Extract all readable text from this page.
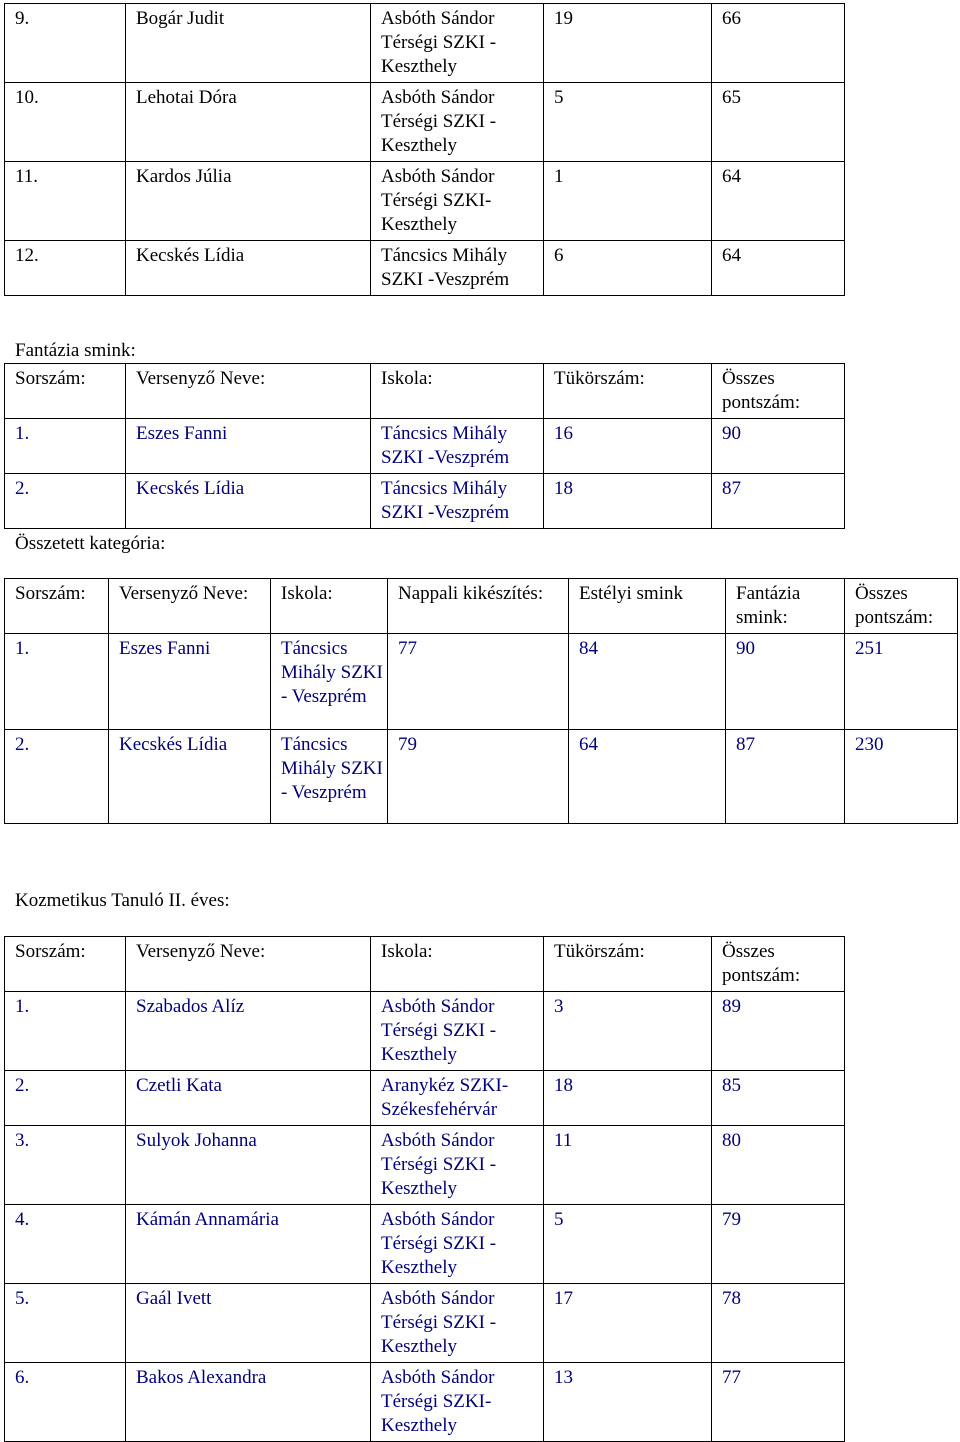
9.	Bogár Judit	Asbóth Sándor Térségi SZKI - Keszthely	19	66
10.	Lehotai Dóra	Asbóth Sándor Térségi SZKI - Keszthely	5	65
11.	Kardos Júlia	Asbóth Sándor Térségi SZKI- Keszthely	1	64
12.	Kecskés Lídia	Táncsics Mihály SZKI -Veszprém	6	64
Fantázia smink:
Sorszám:	Versenyző Neve:	Iskola:	Tükörszám:	Összes pontszám:
1.	Eszes Fanni	Táncsics Mihály SZKI -Veszprém	16	90
2.	Kecskés Lídia	Táncsics Mihály SZKI -Veszprém	18	87
Összetett kategória:
Sorszám:	Versenyző Neve:	Iskola:	Nappali kikészítés:	Estélyi smink	Fantázia smink:	Összes pontszám:
1.	Eszes Fanni	Táncsics Mihály SZKI - Veszprém	77	84	90	251
2.	Kecskés Lídia	Táncsics Mihály SZKI - Veszprém	79	64	87	230
Kozmetikus Tanuló II. éves:
Sorszám:	Versenyző Neve:	Iskola:	Tükörszám:	Összes pontszám:
1.	Szabados Alíz	Asbóth Sándor Térségi SZKI - Keszthely	3	89
2.	Czetli Kata	Aranykéz SZKI- Székesfehérvár	18	85
3.	Sulyok Johanna	Asbóth Sándor Térségi SZKI - Keszthely	11	80
4.	Kámán Annamária	Asbóth Sándor Térségi SZKI - Keszthely	5	79
5.	Gaál Ivett	Asbóth Sándor Térségi SZKI - Keszthely	17	78
6.	Bakos Alexandra	Asbóth Sándor Térségi SZKI- Keszthely	13	77
